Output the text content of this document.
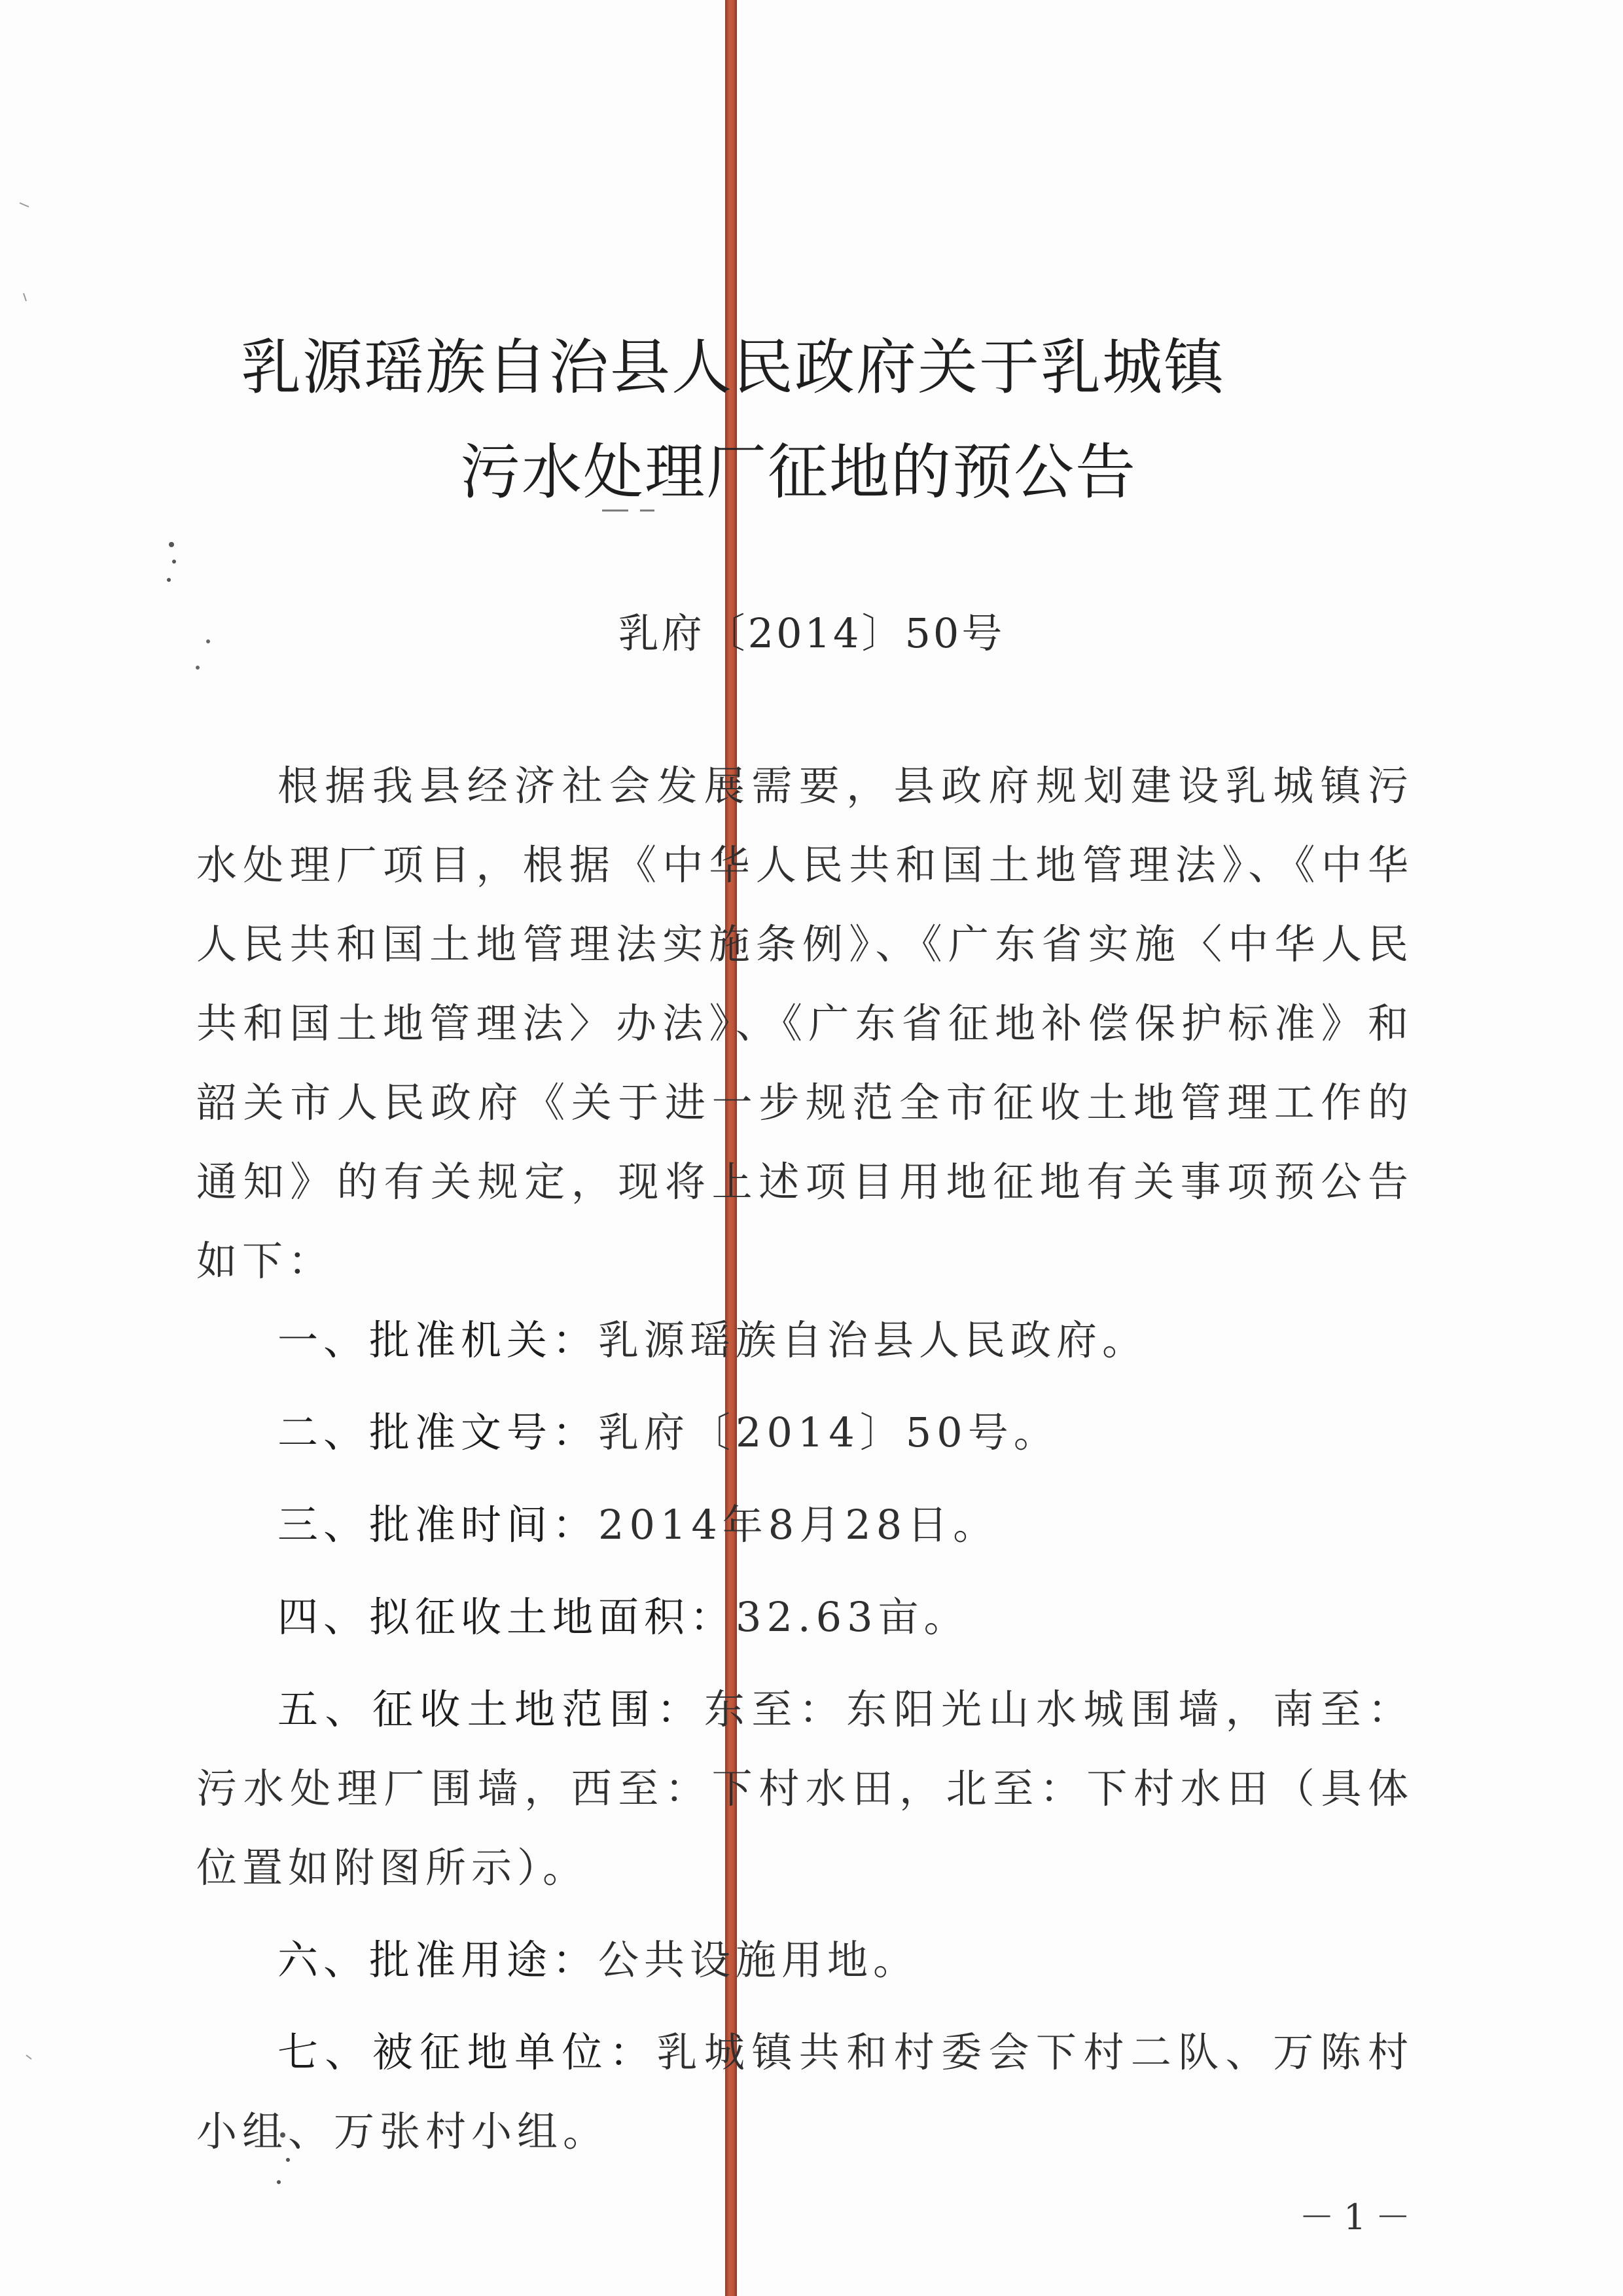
乳源瑶族自治县人民政府关于乳城镇
污水处理厂征地的预公告
乳府〔2014〕50号

根据我县经济社会发展需要，县政府规划建设乳城镇污水处理厂项目，根据《中华人民共和国土地管理法》、《中华人民共和国土地管理法实施条例》、《广东省实施〈中华人民共和国土地管理法〉办法》、《广东省征地补偿保护标准》和韶关市人民政府《关于进一步规范全市征收土地管理工作的通知》的有关规定，现将上述项目用地征地有关事项预公告如下：

一、批准机关：乳源瑶族自治县人民政府。

二、批准文号：乳府〔2014〕50号。

三、批准时间：2014年8月28日。

四、拟征收土地面积：32.63亩。

五、征收土地范围：东至：东阳光山水城围墙，南至：污水处理厂围墙，西至：下村水田，北至：下村水田（具体位置如附图所示）。

六、批准用途：公共设施用地。

七、被征地单位：乳城镇共和村委会下村二队、万陈村小组、万张村小组。

－1－
